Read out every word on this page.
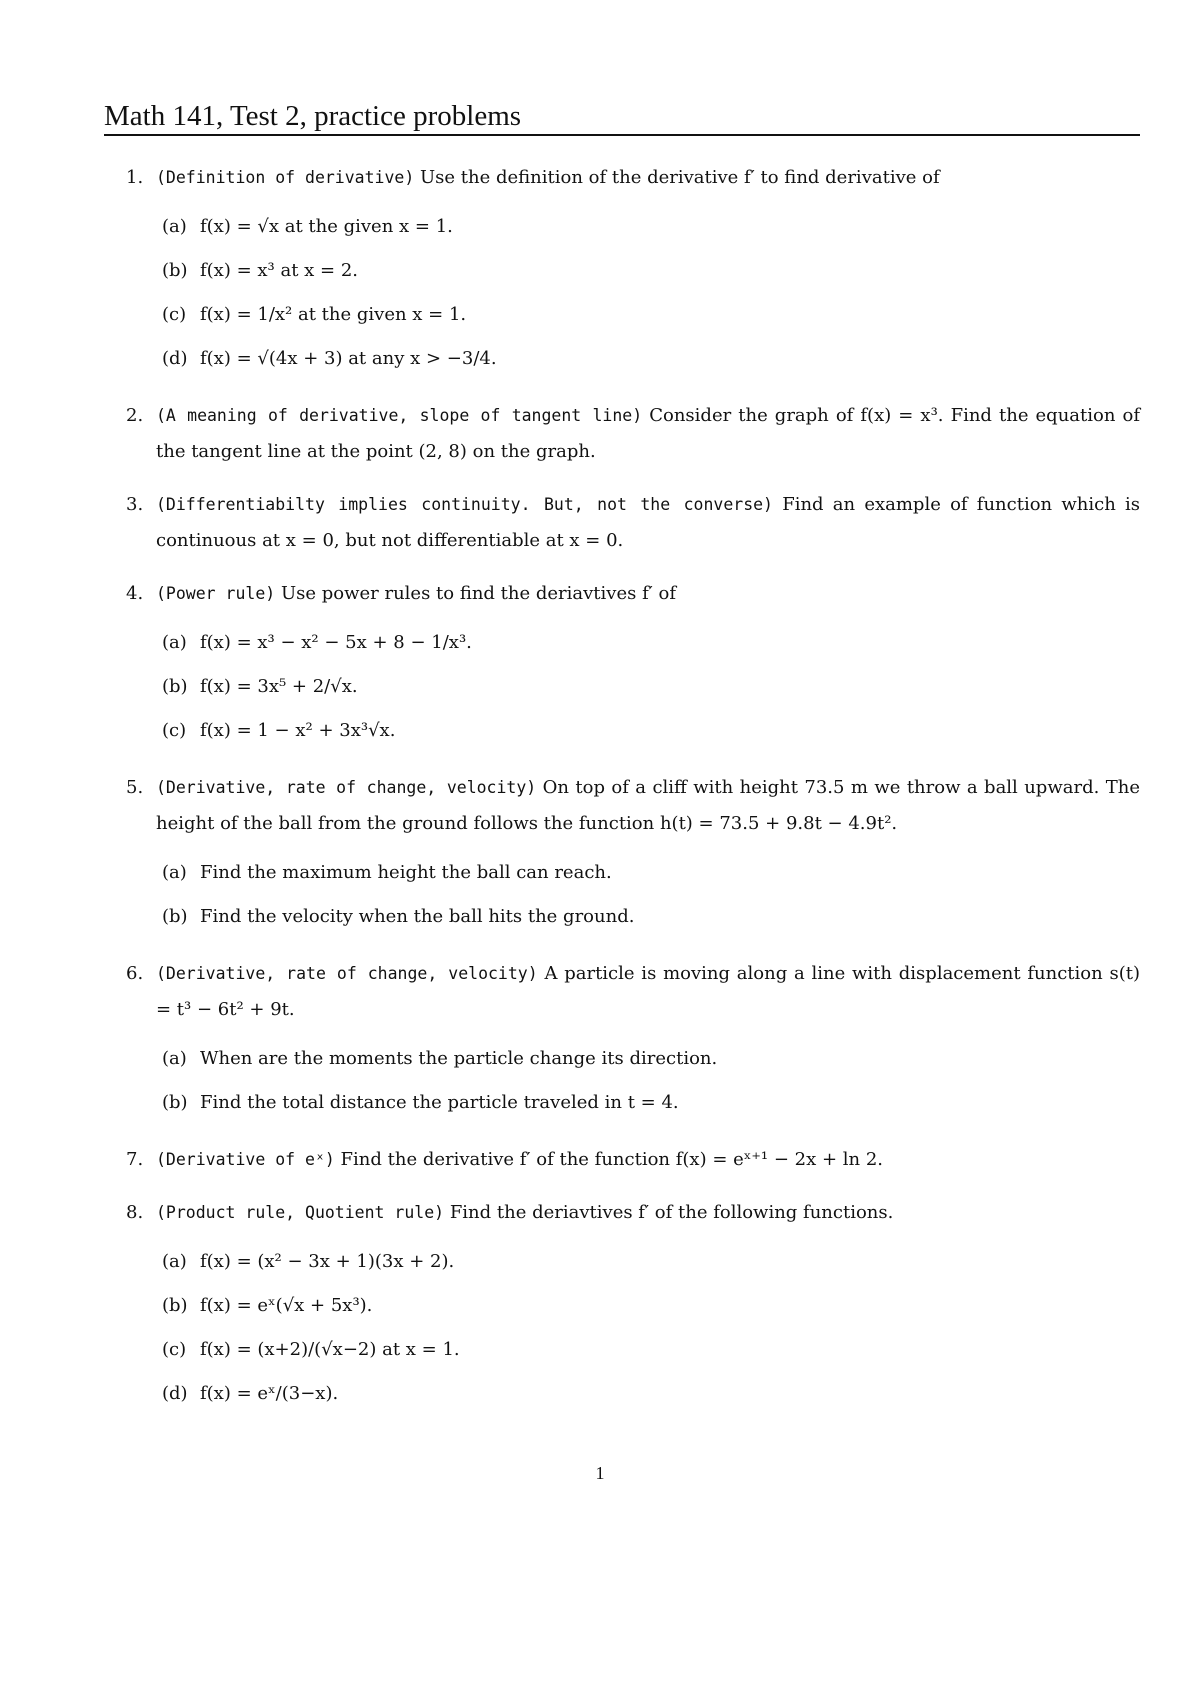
Math 141, Test 2, practice problems
1. (Definition of derivative) Use the definition of the derivative f′ to find derivative of
(a) f(x) = √x at the given x = 1.
(b) f(x) = x³ at x = 2.
(c) f(x) = 1/x² at the given x = 1.
(d) f(x) = √(4x + 3) at any x > −3/4.
2. (A meaning of derivative, slope of tangent line) Consider the graph of f(x) = x³. Find the equation of the tangent line at the point (2, 8) on the graph.
3. (Differentiabilty implies continuity. But, not the converse) Find an example of function which is continuous at x = 0, but not differentiable at x = 0.
4. (Power rule) Use power rules to find the deriavtives f′ of
(a) f(x) = x³ − x² − 5x + 8 − 1/x³.
(b) f(x) = 3x⁵ + 2/√x.
(c) f(x) = 1 − x² + 3x³√x.
5. (Derivative, rate of change, velocity) On top of a cliff with height 73.5 m we throw a ball upward. The height of the ball from the ground follows the function h(t) = 73.5 + 9.8t − 4.9t².
(a) Find the maximum height the ball can reach.
(b) Find the velocity when the ball hits the ground.
6. (Derivative, rate of change, velocity) A particle is moving along a line with displacement function s(t) = t³ − 6t² + 9t.
(a) When are the moments the particle change its direction.
(b) Find the total distance the particle traveled in t = 4.
7. (Derivative of eˣ) Find the derivative f′ of the function f(x) = eˣ⁺¹ − 2x + ln 2.
8. (Product rule, Quotient rule) Find the deriavtives f′ of the following functions.
(a) f(x) = (x² − 3x + 1)(3x + 2).
(b) f(x) = eˣ(√x + 5x³).
(c) f(x) = (x+2)/(√x−2) at x = 1.
(d) f(x) = eˣ/(3−x).
1
